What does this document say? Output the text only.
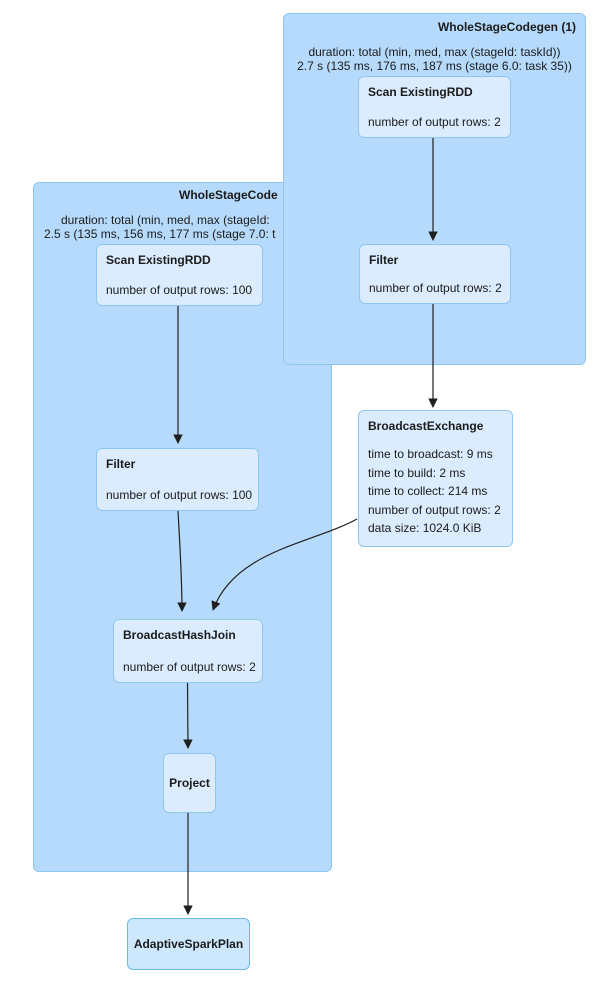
WholeStageCode
duration: total (min, med, max (stageId:
2.5 s (135 ms, 156 ms, 177 ms (stage 7.0: t
Scan ExistingRDD
number of output rows: 100
Filter
number of output rows: 100
BroadcastHashJoin
number of output rows: 2
Project
BroadcastExchange
time to broadcast: 9 ms
time to build: 2 ms
time to collect: 214 ms
number of output rows: 2
data size: 1024.0 KiB
AdaptiveSparkPlan
WholeStageCodegen (1)
duration: total (min, med, max (stageId: taskId))
2.7 s (135 ms, 176 ms, 187 ms (stage 6.0: task 35))
Scan ExistingRDD
number of output rows: 2
Filter
number of output rows: 2
